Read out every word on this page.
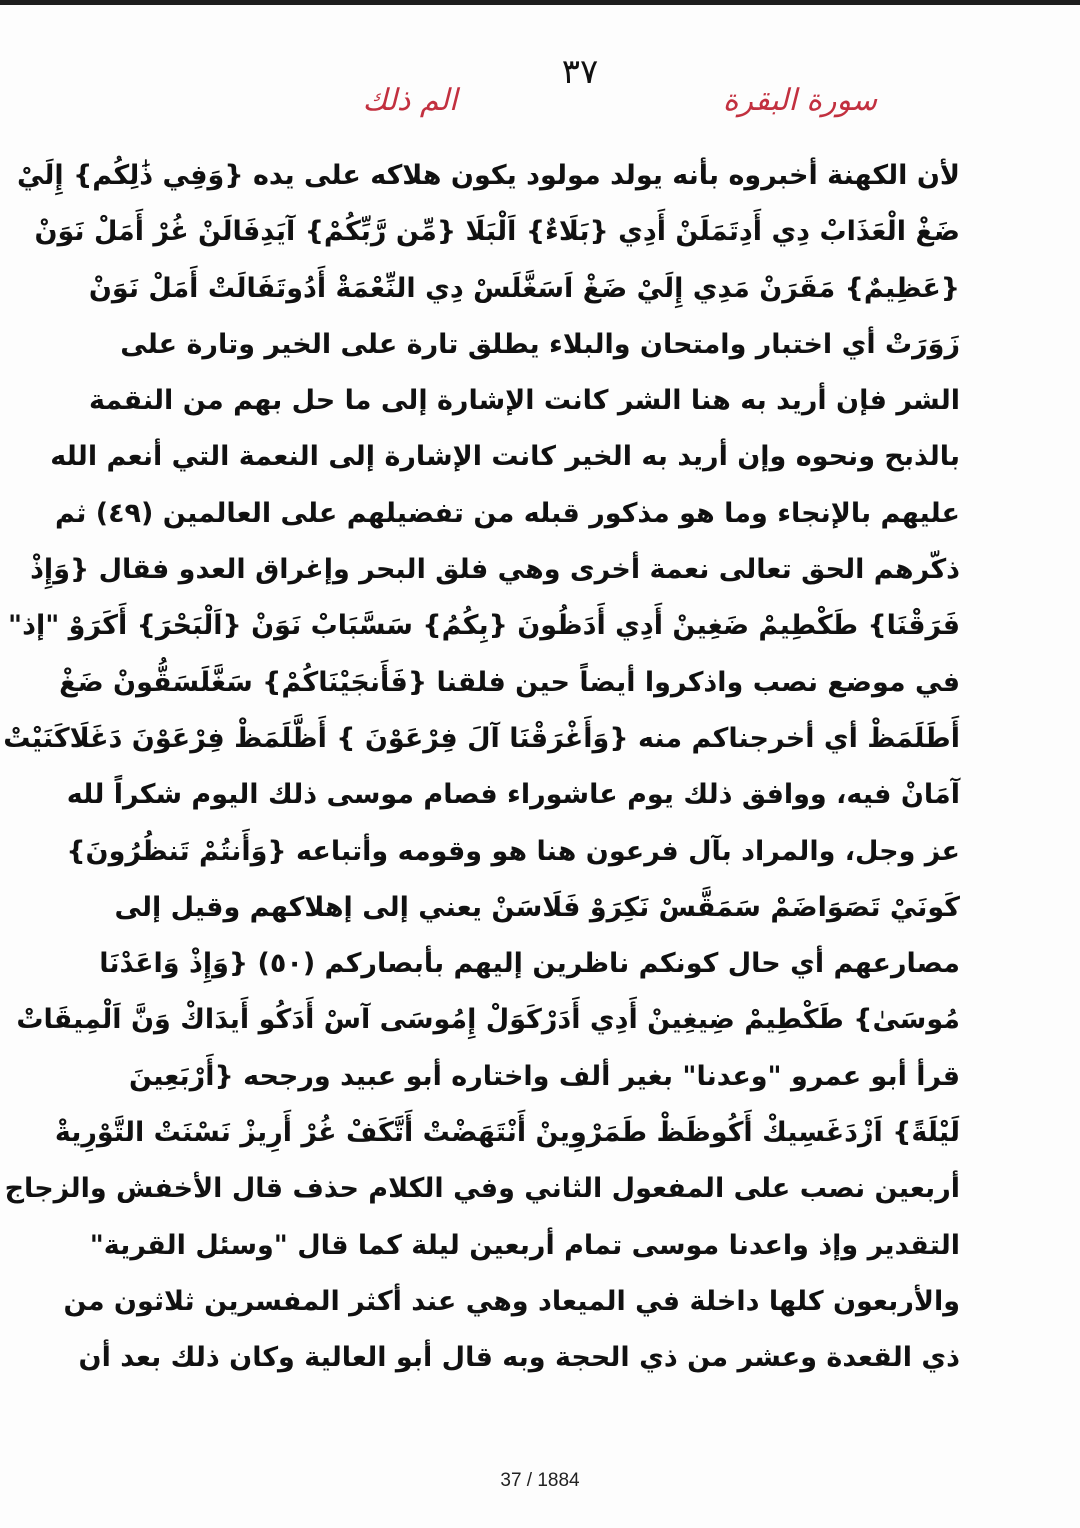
٣٧
سورة البقرة
الم ذلك
لأن الكهنة أخبروه بأنه يولد مولود يكون هلاكه على يده {وَفِي ذَٰلِكُم} إِلَيْ
ضَغْ الْعَذَابْ دِي أَدِتَمَلَنْ أَدِي {بَلَاءٌ} اَلْبَلَا {مِّن رَّبِّكُمْ} آيَدِفَالَنْ غُرْ أَمَلْ نَوَنْ
{عَظِيمٌ} مَقَرَنْ مَدِي إِلَيْ ضَغْ اَسَغَّلَسْ دِي النِّعْمَةْ أَدُوتَفَالَتْ أَمَلْ نَوَنْ
زَوَرَتْ أي اختبار وامتحان والبلاء يطلق تارة على الخير وتارة على
الشر فإن أريد به هنا الشر كانت الإشارة إلى ما حل بهم من النقمة
بالذبح ونحوه وإن أريد به الخير كانت الإشارة إلى النعمة التي أنعم الله
عليهم بالإنجاء وما هو مذكور قبله من تفضيلهم على العالمين (٤٩) ثم
ذكّرهم الحق تعالى نعمة أخرى وهي فلق البحر وإغراق العدو فقال {وَإِذْ
فَرَقْنَا} طَكْطِيمْ ضَغِينْ أَدِي أَدَظُونَ {بِكُمُ} سَسَّبَابْ نَوَنْ {اَلْبَحْرَ} أَكَرَوْ "إذ"
في موضع نصب واذكروا أيضاً حين فلقنا {فَأَنجَيْنَاكُمْ} سَغَّلَسَقُّونْ ضَغْ
أَطَلَمَظْ أي أخرجناكم منه {وَأَغْرَقْنَا آلَ فِرْعَوْنَ } أَظَّلَمَظْ فِرْعَوْنَ دَغَلَاكَنَيْتْ
آمَانْ فيه، ووافق ذلك يوم عاشوراء فصام موسى ذلك اليوم شكراً لله
عز وجل، والمراد بآل فرعون هنا هو وقومه وأتباعه {وَأَنتُمْ تَنظُرُونَ}
كَونَيْ تَصَوَاضَمْ سَمَقَّسْ نَكِرَوْ فَلَاسَنْ يعني إلى إهلاكهم وقيل إلى
مصارعهم أي حال كونكم ناظرين إليهم بأبصاركم (٥٠) {وَإِذْ وَاعَدْنَا
مُوسَىٰ} طَكْطِيمْ ضِيغِينْ أَدِي أَدَرْكَوَلْ إِمُوسَى آسْ أَدَكُو أَيدَاكْ وَنَّ اَلْمِيقَاتْ
قرأ أبو عمرو "وعدنا" بغير ألف واختاره أبو عبيد ورجحه {أَرْبَعِينَ
لَيْلَةً} اَزْدَغَسِيكْ أَكُوظَظْ طَمَرْوِينْ أَنْتَهَضْتْ أَتَّكَفْ غُرْ أَرِيزْ نَسْنَتْ التَّوْرِيةْ
أربعين نصب على المفعول الثاني وفي الكلام حذف قال الأخفش والزجاج
التقدير وإذ واعدنا موسى تمام أربعين ليلة كما قال "وسئل القرية"
والأربعون كلها داخلة في الميعاد وهي عند أكثر المفسرين ثلاثون من
ذي القعدة وعشر من ذي الحجة وبه قال أبو العالية وكان ذلك بعد أن
37 / 1884
